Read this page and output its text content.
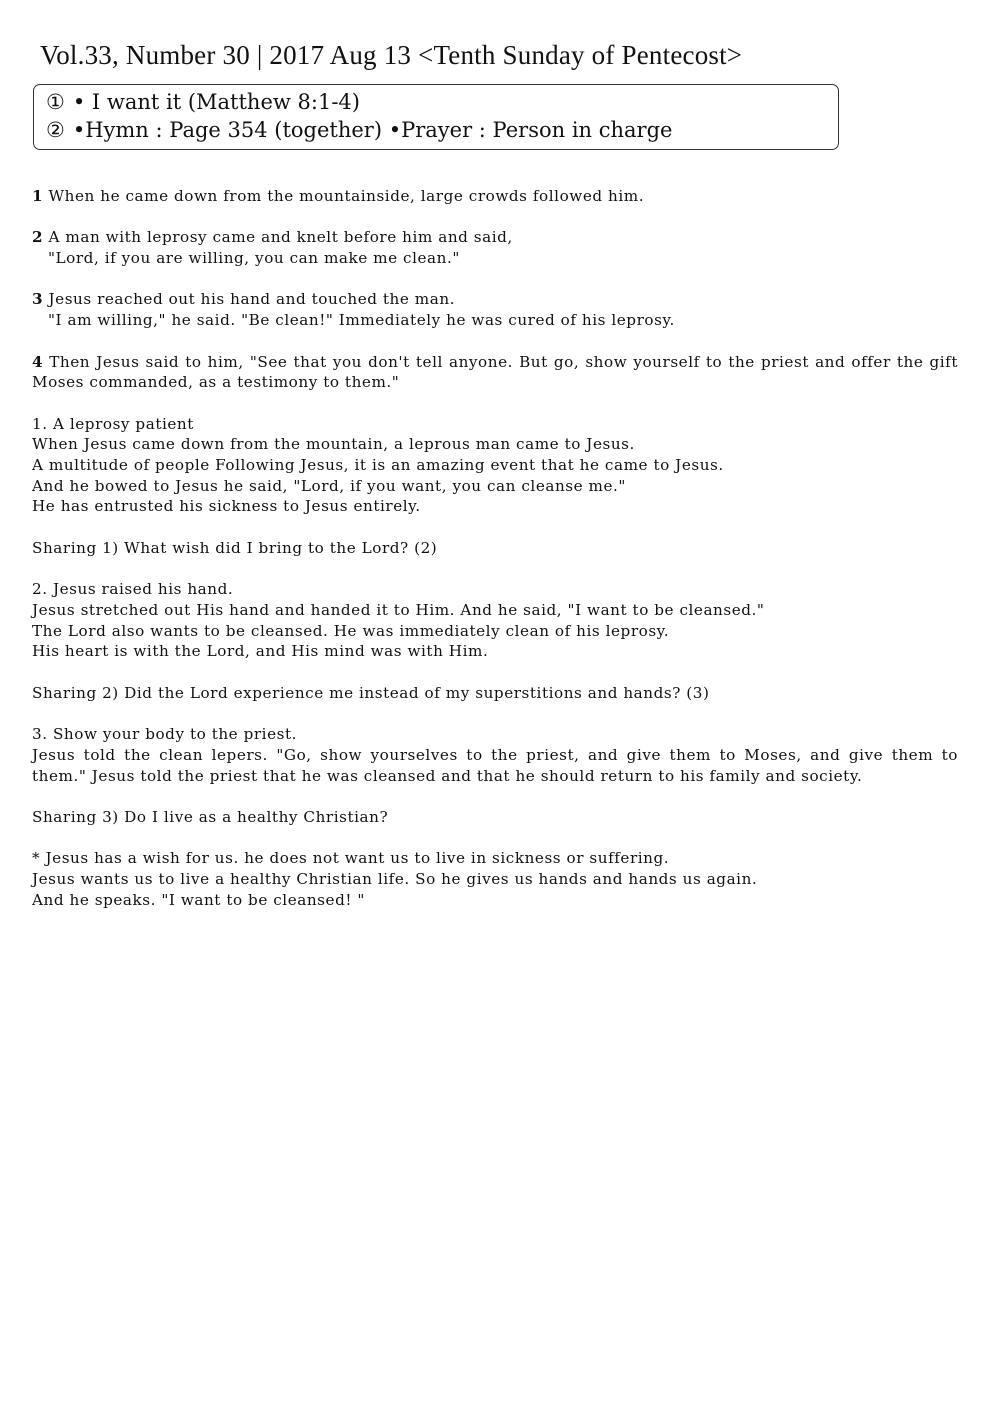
Vol.33, Number 30 | 2017 Aug 13 <Tenth Sunday of Pentecost>
① • I want it (Matthew 8:1-4)
② •Hymn : Page 354 (together) •Prayer : Person in charge
1 When he came down from the mountainside, large crowds followed him.
2 A man with leprosy came and knelt before him and said,
"Lord, if you are willing, you can make me clean."
3 Jesus reached out his hand and touched the man.
"I am willing," he said. "Be clean!" Immediately he was cured of his leprosy.
4 Then Jesus said to him, "See that you don't tell anyone. But go, show yourself to the priest and offer the gift Moses commanded, as a testimony to them."
1. A leprosy patient
When Jesus came down from the mountain, a leprous man came to Jesus.
A multitude of people Following Jesus, it is an amazing event that he came to Jesus.
And he bowed to Jesus he said, "Lord, if you want, you can cleanse me."
He has entrusted his sickness to Jesus entirely.
Sharing 1) What wish did I bring to the Lord? (2)
2. Jesus raised his hand.
Jesus stretched out His hand and handed it to Him. And he said, "I want to be cleansed."
The Lord also wants to be cleansed. He was immediately clean of his leprosy.
His heart is with the Lord, and His mind was with Him.
Sharing 2) Did the Lord experience me instead of my superstitions and hands? (3)
3. Show your body to the priest.
Jesus told the clean lepers. "Go, show yourselves to the priest, and give them to Moses, and give them to them." Jesus told the priest that he was cleansed and that he should return to his family and society.
Sharing 3) Do I live as a healthy Christian?
* Jesus has a wish for us. he does not want us to live in sickness or suffering.
Jesus wants us to live a healthy Christian life. So he gives us hands and hands us again.
And he speaks. "I want to be cleansed! "
